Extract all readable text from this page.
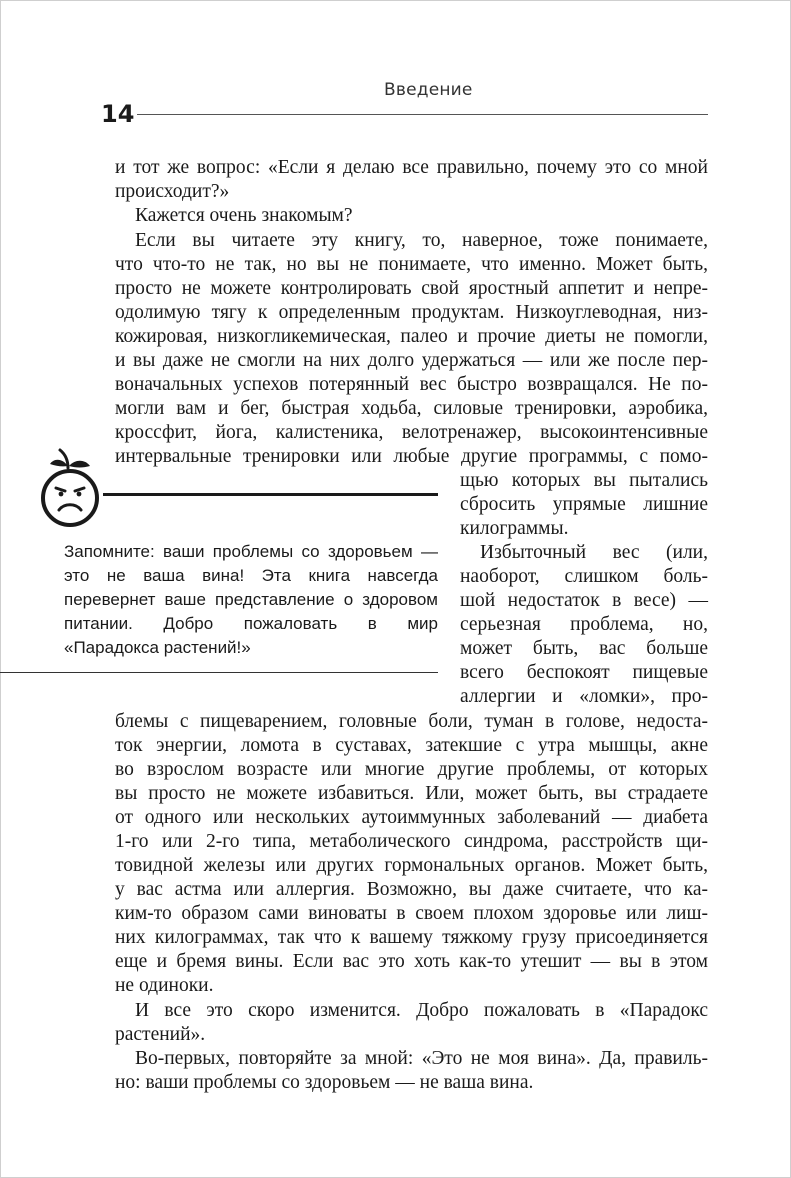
Введение
14
и тот же вопрос: «Если я делаю все правильно, почему это со мной
происходит?»
Кажется очень знакомым?
Если вы читаете эту книгу, то, наверное, тоже понимаете,
что что-то не так, но вы не понимаете, что именно. Может быть,
просто не можете контролировать свой яростный аппетит и непре-
одолимую тягу к определенным продуктам. Низкоуглеводная, низ-
кожировая, низкогликемическая, палео и прочие диеты не помогли,
и вы даже не смогли на них долго удержаться — или же после пер-
воначальных успехов потерянный вес быстро возвращался. Не по-
могли вам и бег, быстрая ходьба, силовые тренировки, аэробика,
кроссфит, йога, калистеника, велотренажер, высокоинтенсивные
интервальные тренировки или любые другие программы, с помо-
щью которых вы пытались
сбросить упрямые лишние
килограммы.
Избыточный вес (или,
наоборот, слишком боль-
шой недостаток в весе) —
серьезная проблема, но,
может быть, вас больше
всего беспокоят пищевые
аллергии и «ломки», про-
Запомните: ваши проблемы со здоровьем —
это не ваша вина! Эта книга навсегда
перевернет ваше представление о здоровом
питании. Добро пожаловать в мир
«Парадокса растений!»
блемы с пищеварением, головные боли, туман в голове, недоста-
ток энергии, ломота в суставах, затекшие с утра мышцы, акне
во взрослом возрасте или многие другие проблемы, от которых
вы просто не можете избавиться. Или, может быть, вы страдаете
от одного или нескольких аутоиммунных заболеваний — диабета
1-го или 2-го типа, метаболического синдрома, расстройств щи-
товидной железы или других гормональных органов. Может быть,
у вас астма или аллергия. Возможно, вы даже считаете, что ка-
ким-то образом сами виноваты в своем плохом здоровье или лиш-
них килограммах, так что к вашему тяжкому грузу присоединяется
еще и бремя вины. Если вас это хоть как-то утешит — вы в этом
не одиноки.
И все это скоро изменится. Добро пожаловать в «Парадокс
растений».
Во-первых, повторяйте за мной: «Это не моя вина». Да, правиль-
но: ваши проблемы со здоровьем — не ваша вина.
